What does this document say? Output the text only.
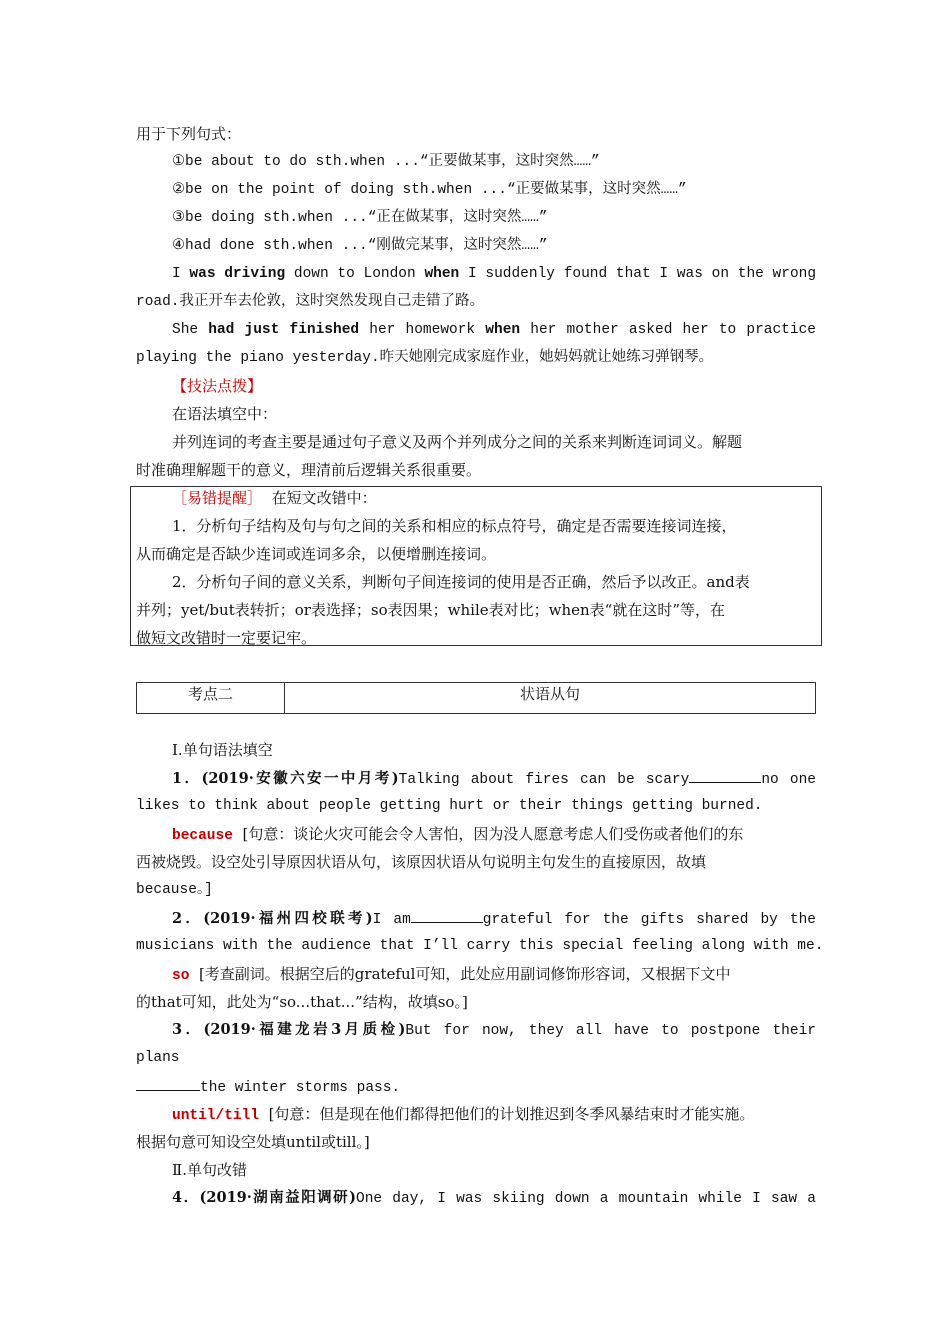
用于下列句式：
①be about to do sth.when ...“正要做某事，这时突然……”
②be on the point of doing sth.when ...“正要做某事，这时突然……”
③be doing sth.when ...“正在做某事，这时突然……”
④had done sth.when ...“刚做完某事，这时突然……”
I was driving down to London when I suddenly found that I was on the wrong
road.我正开车去伦敦，这时突然发现自己走错了路。
She had just finished her homework when her mother asked her to practice
playing the piano yesterday.昨天她刚完成家庭作业，她妈妈就让她练习弹钢琴。
【技法点拨】
在语法填空中：
并列连词的考查主要是通过句子意义及两个并列成分之间的关系来判断连词词义。解题
时准确理解题干的意义，理清前后逻辑关系很重要。
［易错提醒］ 在短文改错中：
1．分析句子结构及句与句之间的关系和相应的标点符号，确定是否需要连接词连接，
从而确定是否缺少连词或连词多余，以便增删连接词。
2．分析句子间的意义关系，判断句子间连接词的使用是否正确，然后予以改正。and表
并列；yet/but表转折；or表选择；so表因果；while表对比；when表“就在这时”等，在
做短文改错时一定要记牢。
考点二	状语从句
Ⅰ.单句语法填空
1．(2019·安徽六安一中月考)Talking about fires can be scary	no one
likes to think about people getting hurt or their things getting burned.
because [句意：谈论火灾可能会令人害怕，因为没人愿意考虑人们受伤或者他们的东
西被烧毁。设空处引导原因状语从句，该原因状语从句说明主句发生的直接原因，故填
because。]
2．(2019·福州四校联考)I am	grateful for the gifts shared by the
musicians with the audience that I’ll carry this special feeling along with me.
so [考查副词。根据空后的grateful可知，此处应用副词修饰形容词，又根据下文中
的that可知，此处为“so...that...”结构，故填so。]
3．(2019·福建龙岩3月质检)But for now, they all have to postpone their
plans
the winter storms pass.
until/till [句意：但是现在他们都得把他们的计划推迟到冬季风暴结束时才能实施。
根据句意可知设空处填until或till。]
Ⅱ.单句改错
4．(2019·湖南益阳调研)One day, I was skiing down a mountain while I saw a
